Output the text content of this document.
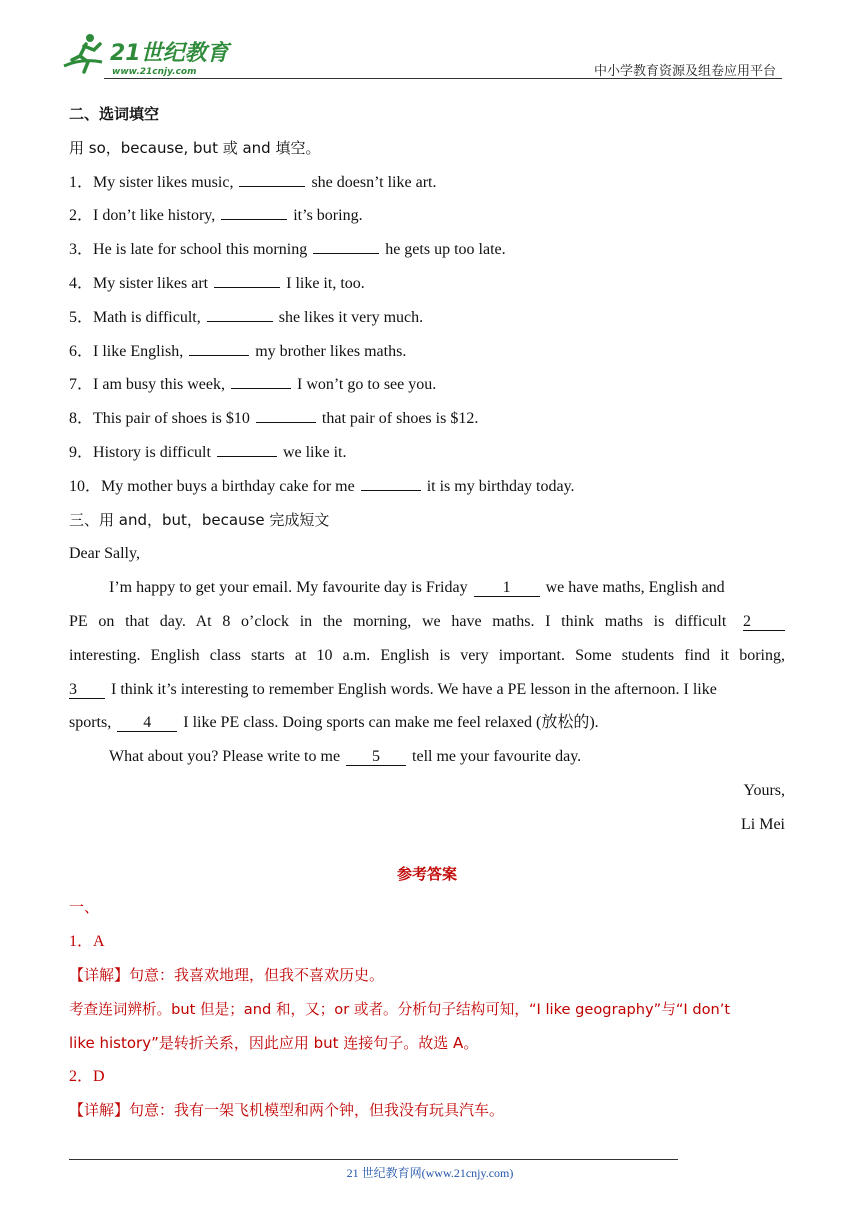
21世纪教育
www.21cnjy.com	中小学教育资源及组卷应用平台
二、选词填空
用 so，because, but 或 and 填空。
1．My sister likes music,	she doesn’t like art.
2．I don’t like history,	it’s boring.
3．He is late for school this morning	he gets up too late.
4．My sister likes art	I like it, too.
5．Math is difficult,	she likes it very much.
6．I like English,	my brother likes maths.
7．I am busy this week,	I won’t go to see you.
8．This pair of shoes is $10	that pair of shoes is $12.
9．History is difficult	we like it.
10．My mother buys a birthday cake for me	it is my birthday today.
三、用 and，but，because 完成短文
Dear Sally,
I’m happy to get your email. My favourite day is Friday 1 we have maths, English and
PE on that day. At 8 o’clock in the morning, we have maths. I think maths is difficult 2
interesting. English class starts at 10 a.m. English is very important. Some students find it boring,
3 I think it’s interesting to remember English words. We have a PE lesson in the afternoon. I like
sports, 4 I like PE class. Doing sports can make me feel relaxed (放松的).
What about you? Please write to me 5 tell me your favourite day.
Yours,
Li Mei
参考答案
一、
1．A
【详解】句意：我喜欢地理，但我不喜欢历史。
考查连词辨析。but 但是；and 和，又；or 或者。分析句子结构可知，“I like geography”与“I don’t
like history”是转折关系，因此应用 but 连接句子。故选 A。
2．D
【详解】句意：我有一架飞机模型和两个钟，但我没有玩具汽车。
21 世纪教育网(www.21cnjy.com)
